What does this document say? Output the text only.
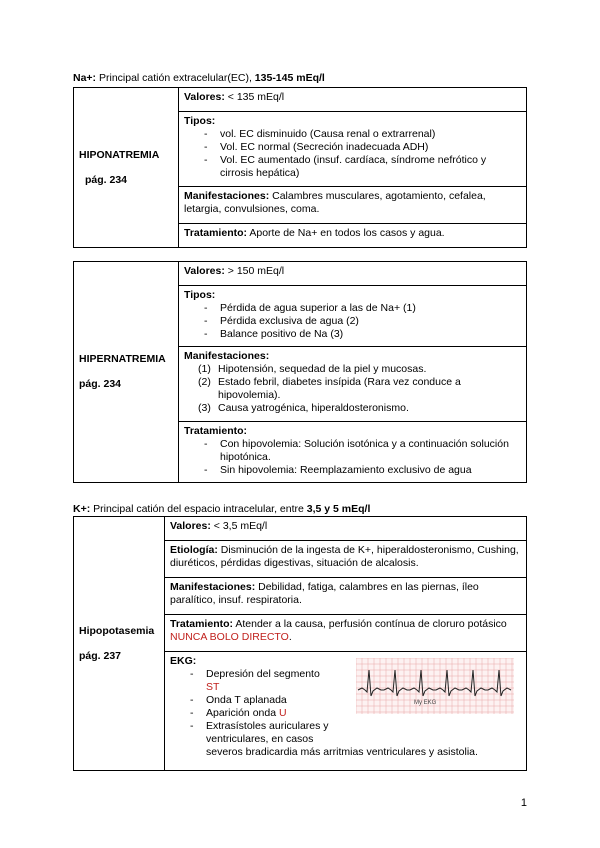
Na+: Principal catión extracelular(EC), 135-145 mEq/l
HIPONATREMIA
pág. 234
	Valores: < 135 mEq/l

Tipos:
- vol. EC disminuido (Causa renal o extrarrenal)
- Vol. EC normal (Secreción inadecuada ADH)
- Vol. EC aumentado (insuf. cardíaca, síndrome nefrótico y cirrosis hepática)

Manifestaciones: Calambres musculares, agotamiento, cefalea, letargia, convulsiones, coma.
Tratamiento: Aporte de Na+ en todos los casos y agua.
HIPERNATREMIA
pág. 234
	Valores: > 150 mEq/l

Tipos:
- Pérdida de agua superior a las de Na+ (1)
- Pérdida exclusiva de agua (2)
- Balance positivo de Na (3)

Manifestaciones:
(1) Hipotensión, sequedad de la piel y mucosas.
(2) Estado febril, diabetes insípida (Rara vez conduce a hipovolemia).
(3) Causa yatrogénica, hiperaldosteronismo.

Tratamiento:
- Con hipovolemia: Solución isotónica y a continuación solución hipotónica.
- Sin hipovolemia: Reemplazamiento exclusivo de agua
K+: Principal catión del espacio intracelular, entre 3,5 y 5 mEq/l
Hipopotasemia
pág. 237
	Valores: < 3,5 mEq/l
Etiología: Disminución de la ingesta de K+, hiperaldosteronismo, Cushing, diuréticos, pérdidas digestivas, situación de alcalosis.
Manifestaciones: Debilidad, fatiga, calambres en las piernas, íleo paralítico, insuf. respiratoria.
Tratamiento: Atender a la causa, perfusión contínua de cloruro potásico NUNCA BOLO DIRECTO.

EKG:
- Depresión del segmento
ST
- Onda T aplanada
- Aparición onda U
- Extrasístoles auriculares y ventriculares, en casos
severos bradicardia más arritmias ventriculares y asistolia.
My EKG
1
